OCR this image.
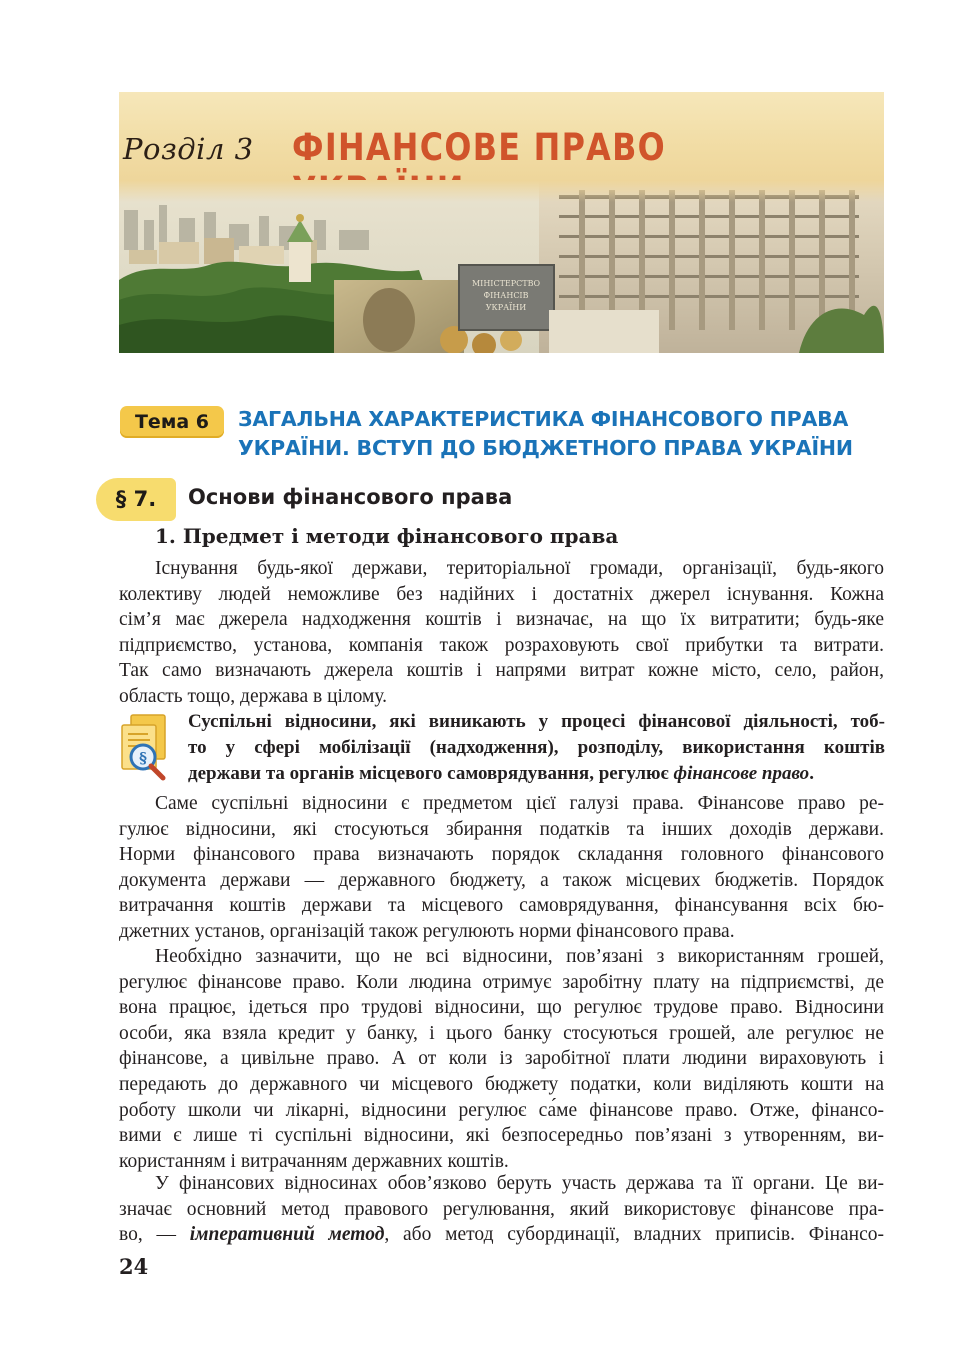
Розділ 3 ФІНАНСОВЕ ПРАВО
МІНІСТЕРСТВО
ФІНАНСІВ
УКРАЇНИ
Тема 6	ЗАГАЛЬНА ХАРАКТЕРИСТИКА ФІНАНСОВОГО ПРАВА
УКРАЇНИ. ВСТУП ДО БЮДЖЕТНОГО ПРАВА УКРАЇНИ
§ 7.	Основи фінансового права
1. Предмет і методи фінансового права
Існування будь-якої держави, територіальної громади, організації, будь-якого
колективу людей неможливе без надійних і достатніх джерел існування. Кожна
сім’я має джерела надходження коштів і визначає, на що їх витратити; будь-яке
підприємство, установа, компанія також розраховують свої прибутки та витрати.
Так само визначають джерела коштів і напрями витрат кожне місто, село, район,
область тощо, держава в цілому.
§
Суспільні відносини, які виникають у процесі фінансової діяльності, тоб-
то у сфері мобілізації (надходження), розподілу, використання коштів
держави та органів місцевого самоврядування, регулює фінансове право.
Саме суспільні відносини є предметом цієї галузі права. Фінансове право ре-
гулює відносини, які стосуються збирання податків та інших доходів держави.
Норми фінансового права визначають порядок складання головного фінансового
документа держави — державного бюджету, а також місцевих бюджетів. Порядок
витрачання коштів держави та місцевого самоврядування, фінансування всіх бю-
джетних установ, організацій також регулюють норми фінансового права.
Необхідно зазначити, що не всі відносини, пов’язані з використанням грошей,
регулює фінансове право. Коли людина отримує заробітну плату на підприємстві, де
вона працює, ідеться про трудові відносини, що регулює трудове право. Відносини
особи, яка взяла кредит у банку, і цього банку стосуються грошей, але регулює не
фінансове, а цивільне право. А от коли із заробітної плати людини вираховують і
передають до державного чи місцевого бюджету податки, коли виділяють кошти на
роботу школи чи лікарні, відносини регулює са́ме фінансове право. Отже, фінансо-
вими є лише ті суспільні відносини, які безпосередньо пов’язані з утворенням, ви-
користанням і витрачанням державних коштів.
У фінансових відносинах обов’язково беруть участь держава та її органи. Це ви-
значає основний метод правового регулювання, який використовує фінансове пра-
во, — імперативний метод, або метод субординації, владних приписів. Фінансо-
24
